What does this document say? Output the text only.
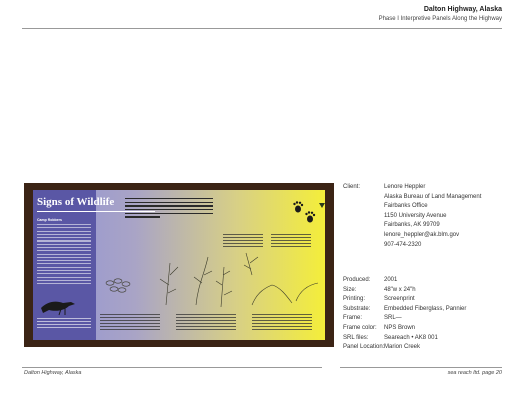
Dalton Highway, Alaska
Phase I Interpretive Panels Along the Highway
Camp Robbers
Signs of Wildlife
Client:	Lenore Heppler
Alaska Bureau of Land Management
Fairbanks Office
1150 University Avenue
Fairbanks, AK 99709
lenore_heppler@ak.blm.gov
907-474-2320
Produced: 2001
Size:	48"w x 24"h
Printing:	Screenprint
Substrate: Embedded Fiberglass, Pannier
Frame:	SRL—
Frame color: NPS Brown
SRL files:	Seareach • AK8 001
Panel Location: Marion Creek
Dalton Highway, Alaska	sea reach ltd. page 20
